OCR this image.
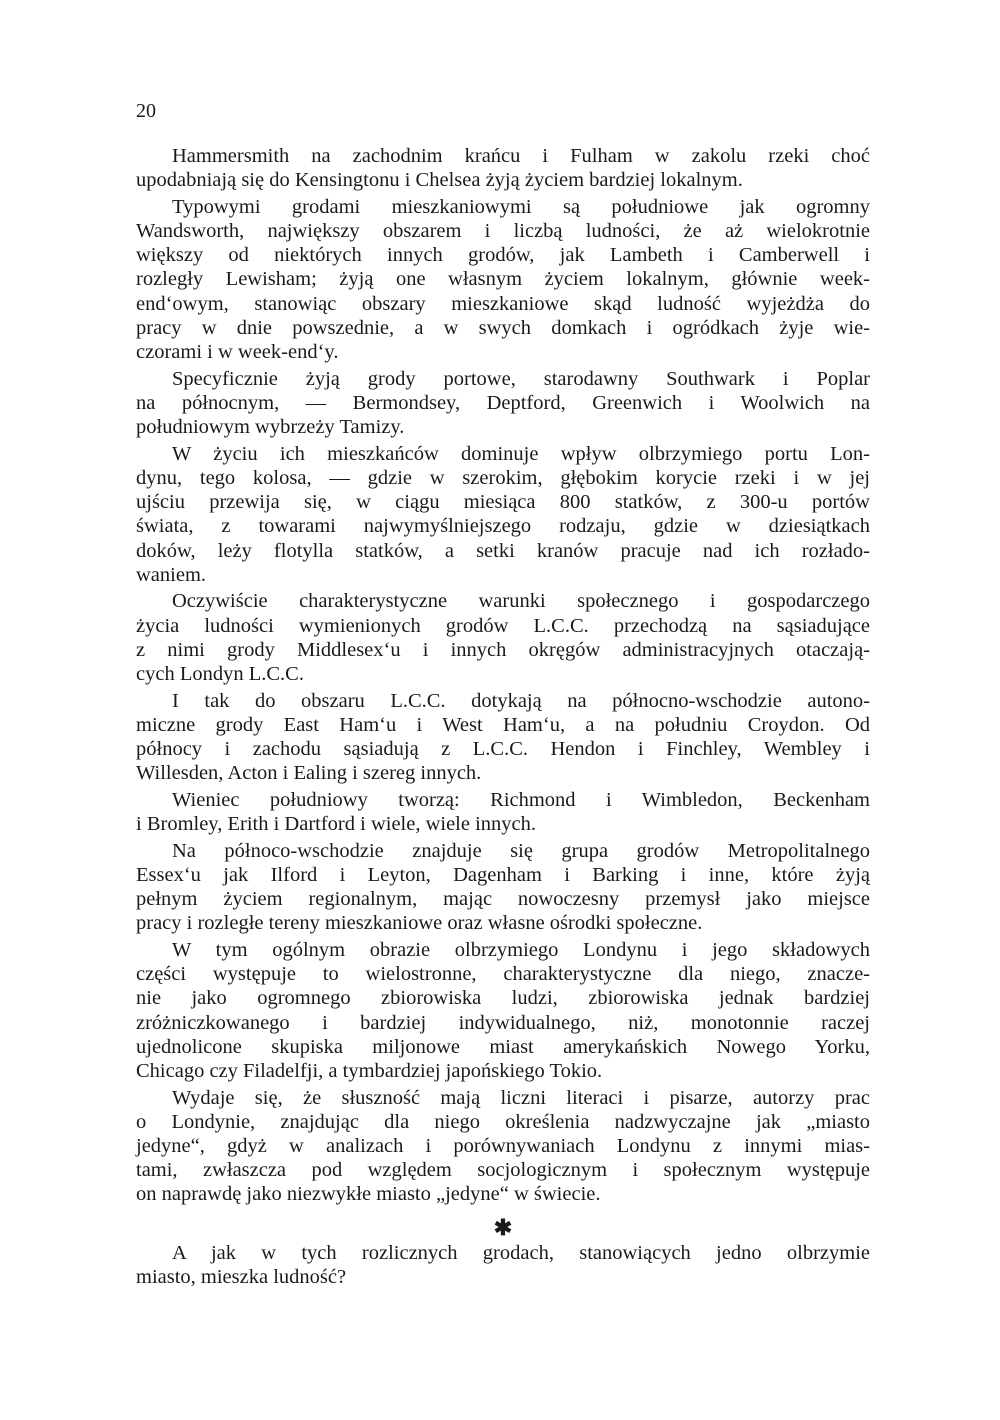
20
Hammersmith na zachodnim krańcu i Fulham w zakolu rzeki choć
upodabniają się do Kensingtonu i Chelsea żyją życiem bardziej lokalnym.
Typowymi grodami mieszkaniowymi są południowe jak ogromny
Wandsworth, największy obszarem i liczbą ludności, że aż wielokrotnie
większy od niektórych innych grodów, jak Lambeth i Camberwell i
rozległy Lewisham; żyją one własnym życiem lokalnym, głównie week-
end‘owym, stanowiąc obszary mieszkaniowe skąd ludność wyjeżdża do
pracy w dnie powszednie, a w swych domkach i ogródkach żyje wie-
czorami i w week-end‘y.
Specyficznie żyją grody portowe, starodawny Southwark i Poplar
na północnym, — Bermondsey, Deptford, Greenwich i Woolwich na
południowym wybrzeży Tamizy.
W życiu ich mieszkańców dominuje wpływ olbrzymiego portu Lon-
dynu, tego kolosa, — gdzie w szerokim, głębokim korycie rzeki i w jej
ujściu przewija się, w ciągu miesiąca 800 statków, z 300-u portów
świata, z towarami najwymyślniejszego rodzaju, gdzie w dziesiątkach
doków, leży flotylla statków, a setki kranów pracuje nad ich rozłado-
waniem.
Oczywiście charakterystyczne warunki społecznego i gospodarczego
życia ludności wymienionych grodów L.C.C. przechodzą na sąsiadujące
z nimi grody Middlesex‘u i innych okręgów administracyjnych otaczają-
cych Londyn L.C.C.
I tak do obszaru L.C.C. dotykają na północno-wschodzie autono-
miczne grody East Ham‘u i West Ham‘u, a na południu Croydon. Od
północy i zachodu sąsiadują z L.C.C. Hendon i Finchley, Wembley i
Willesden, Acton i Ealing i szereg innych.
Wieniec południowy tworzą: Richmond i Wimbledon, Beckenham
i Bromley, Erith i Dartford i wiele, wiele innych.
Na północo-wschodzie znajduje się grupa grodów Metropolitalnego
Essex‘u jak Ilford i Leyton, Dagenham i Barking i inne, które żyją
pełnym życiem regionalnym, mając nowoczesny przemysł jako miejsce
pracy i rozległe tereny mieszkaniowe oraz własne ośrodki społeczne.
W tym ogólnym obrazie olbrzymiego Londynu i jego składowych
części występuje to wielostronne, charakterystyczne dla niego, znacze-
nie jako ogromnego zbiorowiska ludzi, zbiorowiska jednak bardziej
zróżniczkowanego i bardziej indywidualnego, niż, monotonnie raczej
ujednolicone skupiska miljonowe miast amerykańskich Nowego Yorku,
Chicago czy Filadelfji, a tymbardziej japońskiego Tokio.
Wydaje się, że słuszność mają liczni literaci i pisarze, autorzy prac
o Londynie, znajdując dla niego określenia nadzwyczajne jak „miasto
jedyne“, gdyż w analizach i porównywaniach Londynu z innymi mias-
tami, zwłaszcza pod względem socjologicznym i społecznym występuje
on naprawdę jako niezwykłe miasto „jedyne“ w świecie.
✱
A jak w tych rozlicznych grodach, stanowiących jedno olbrzymie
miasto, mieszka ludność?
